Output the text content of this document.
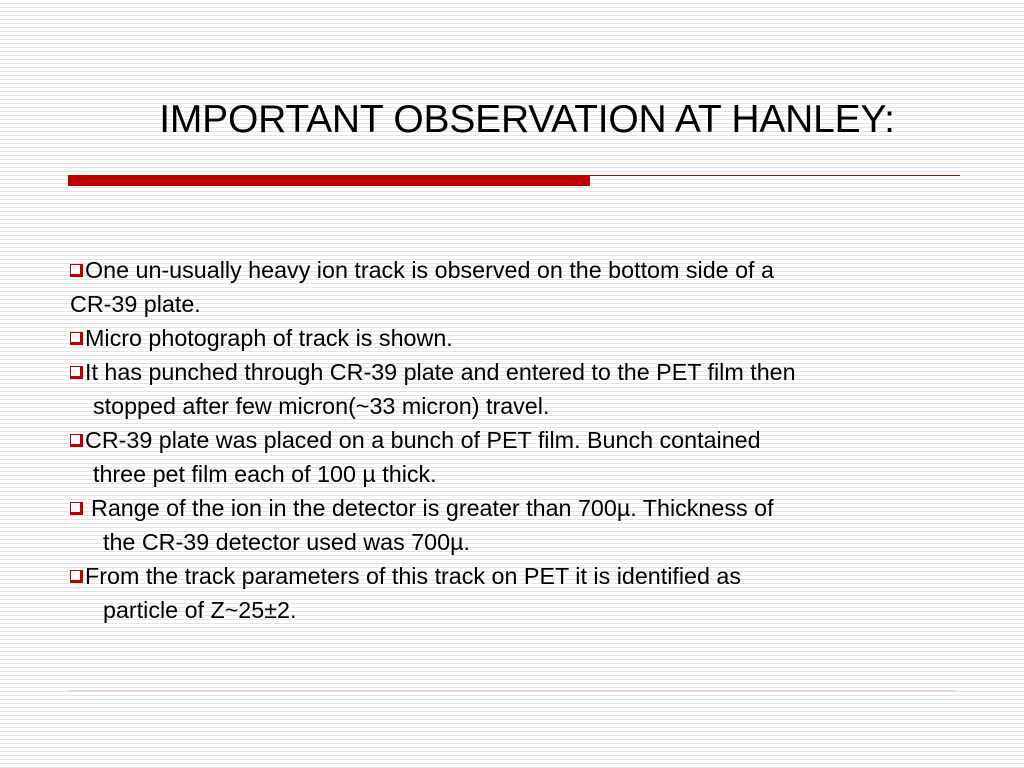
IMPORTANT OBSERVATION AT HANLEY:
One un-usually heavy ion track is observed on the bottom side of a
CR-39 plate.
Micro photograph of track is shown.
It has punched through CR-39 plate and entered to the PET film then
stopped after few micron(~33 micron) travel.
CR-39 plate was placed on a bunch of PET film. Bunch contained
three pet film each of 100 µ thick.
Range of the ion in the detector is greater than 700µ. Thickness of
the CR-39 detector used was 700µ.
From the track parameters of this track on PET it is identified as
particle of Z~25±2.
